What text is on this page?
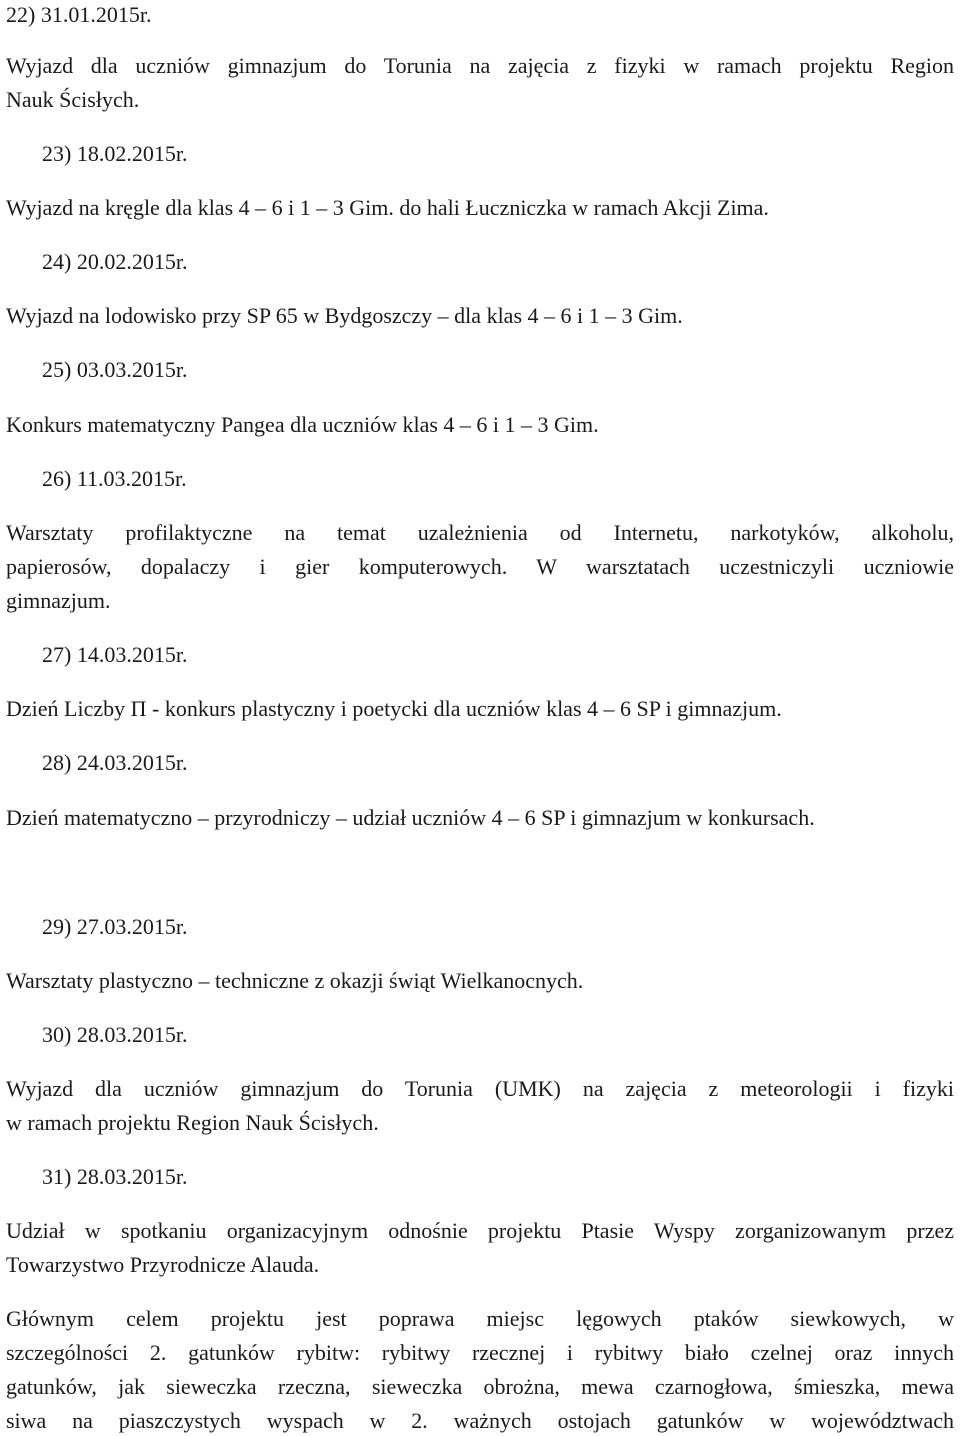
22) 31.01.2015r.
Wyjazd dla uczniów gimnazjum do Torunia na zajęcia z fizyki w ramach projektu Region
Nauk Ścisłych.
23) 18.02.2015r.
Wyjazd na kręgle dla klas 4 – 6 i 1 – 3 Gim. do hali Łuczniczka w ramach Akcji Zima.
24) 20.02.2015r.
Wyjazd na lodowisko przy SP 65 w Bydgoszczy – dla klas 4 – 6 i 1 – 3 Gim.
25) 03.03.2015r.
Konkurs matematyczny Pangea dla uczniów klas 4 – 6 i 1 – 3 Gim.
26) 11.03.2015r.
Warsztaty profilaktyczne na temat uzależnienia od Internetu, narkotyków, alkoholu,
papierosów, dopalaczy i gier komputerowych. W warsztatach uczestniczyli uczniowie
gimnazjum.
27) 14.03.2015r.
Dzień Liczby Π - konkurs plastyczny i poetycki dla uczniów klas 4 – 6 SP i gimnazjum.
28) 24.03.2015r.
Dzień matematyczno – przyrodniczy – udział uczniów 4 – 6 SP i gimnazjum w konkursach.
29) 27.03.2015r.
Warsztaty plastyczno – techniczne z okazji świąt Wielkanocnych.
30) 28.03.2015r.
Wyjazd dla uczniów gimnazjum do Torunia (UMK) na zajęcia z meteorologii i fizyki
w ramach projektu Region Nauk Ścisłych.
31) 28.03.2015r.
Udział w spotkaniu organizacyjnym odnośnie projektu Ptasie Wyspy zorganizowanym przez
Towarzystwo Przyrodnicze Alauda.
Głównym celem projektu jest poprawa miejsc lęgowych ptaków siewkowych, w
szczególności 2. gatunków rybitw: rybitwy rzecznej i rybitwy biało czelnej oraz innych
gatunków, jak sieweczka rzeczna, sieweczka obrożna, mewa czarnogłowa, śmieszka, mewa
siwa na piaszczystych wyspach w 2. ważnych ostojach gatunków w województwach
